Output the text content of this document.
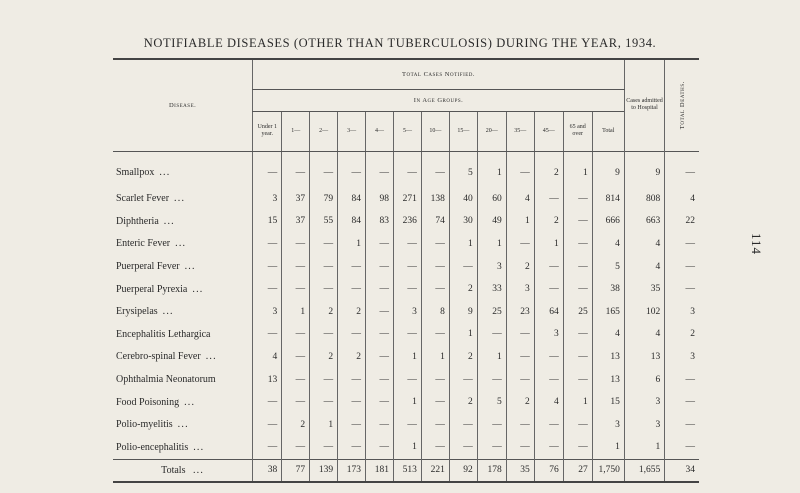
NOTIFIABLE DISEASES (OTHER THAN TUBERCULOSIS) DURING THE YEAR, 1934.
114
Disease.	Total Cases Notified.													Cases admitted to Hospital	Total Deaths.

	In Age Groups.														
	Under 1 year.	1—	2—	3—	4—	5—	10—	15—	20—	35—	45—	65 and over	Total		
Smallpox ...	—	—	—	—	—	—	—	5	1	—	2	1	9	9	—
Scarlet Fever ...	3	37	79	84	98	271	138	40	60	4	—	—	814	808	4
Diphtheria ...	15	37	55	84	83	236	74	30	49	1	2	—	666	663	22
Enteric Fever ...	—	—	—	1	—	—	—	1	1	—	1	—	4	4	—
Puerperal Fever ...	—	—	—	—	—	—	—	—	3	2	—	—	5	4	—
Puerperal Pyrexia ...	—	—	—	—	—	—	—	2	33	3	—	—	38	35	—
Erysipelas ...	3	1	2	2	—	3	8	9	25	23	64	25	165	102	3
Encephalitis Lethargica	—	—	—	—	—	—	—	1	—	—	3	—	4	4	2
Cerebro-spinal Fever ...	4	—	2	2	—	1	1	2	1	—	—	—	13	13	3
Ophthalmia Neonatorum	13	—	—	—	—	—	—	—	—	—	—	—	13	6	—
Food Poisoning ...	—	—	—	—	—	1	—	2	5	2	4	1	15	3	—
Polio-myelitis ...	—	2	1	—	—	—	—	—	—	—	—	—	3	3	—
Polio-encephalitis ...	—	—	—	—	—	1	—	—	—	—	—	—	1	1	—
Totals ...	38	77	139	173	181	513	221	92	178	35	76	27	1,750	1,655	34
